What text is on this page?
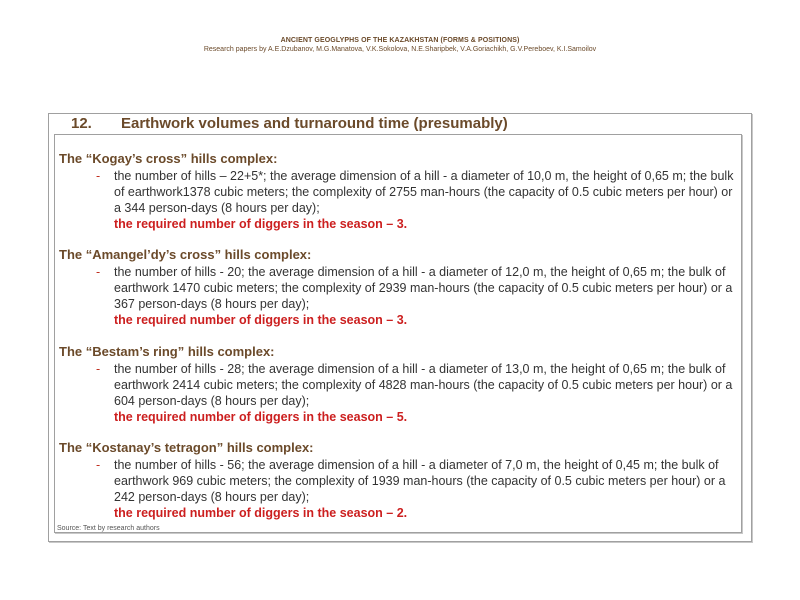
ANCIENT GEOGLYPHS OF THE KAZAKHSTAN (FORMS & POSITIONS)
Research papers by A.E.Dzubanov, M.G.Manatova, V.K.Sokolova, N.E.Sharipbek, V.A.Goriachikh, G.V.Pereboev, K.I.Samoilov
12. Earthwork volumes and turnaround time (presumably)
The “Kogay’s cross” hills complex:
- the number of hills – 22+5*; the average dimension of a hill - a diameter of 10,0 m, the height of 0,65 m; the bulk of earthwork1378 cubic meters; the complexity of 2755 man-hours (the capacity of 0.5 cubic meters per hour) or a 344 person-days (8 hours per day);
the required number of diggers in the season – 3.
The “Amangel’dy’s cross” hills complex:
- the number of hills - 20; the average dimension of a hill - a diameter of 12,0 m, the height of 0,65 m; the bulk of earthwork 1470 cubic meters; the complexity of 2939 man-hours (the capacity of 0.5 cubic meters per hour) or a 367 person-days (8 hours per day);
the required number of diggers in the season – 3.
The “Bestam’s ring” hills complex:
- the number of hills - 28; the average dimension of a hill - a diameter of 13,0 m, the height of 0,65 m; the bulk of earthwork 2414 cubic meters; the complexity of 4828 man-hours (the capacity of 0.5 cubic meters per hour) or a 604 person-days (8 hours per day);
the required number of diggers in the season – 5.
The “Kostanay’s tetragon” hills complex:
- the number of hills - 56; the average dimension of a hill - a diameter of 7,0 m, the height of 0,45 m; the bulk of earthwork 969 cubic meters; the complexity of 1939 man-hours (the capacity of 0.5 cubic meters per hour) or a 242 person-days (8 hours per day);
the required number of diggers in the season – 2.
Source: Text by research authors
